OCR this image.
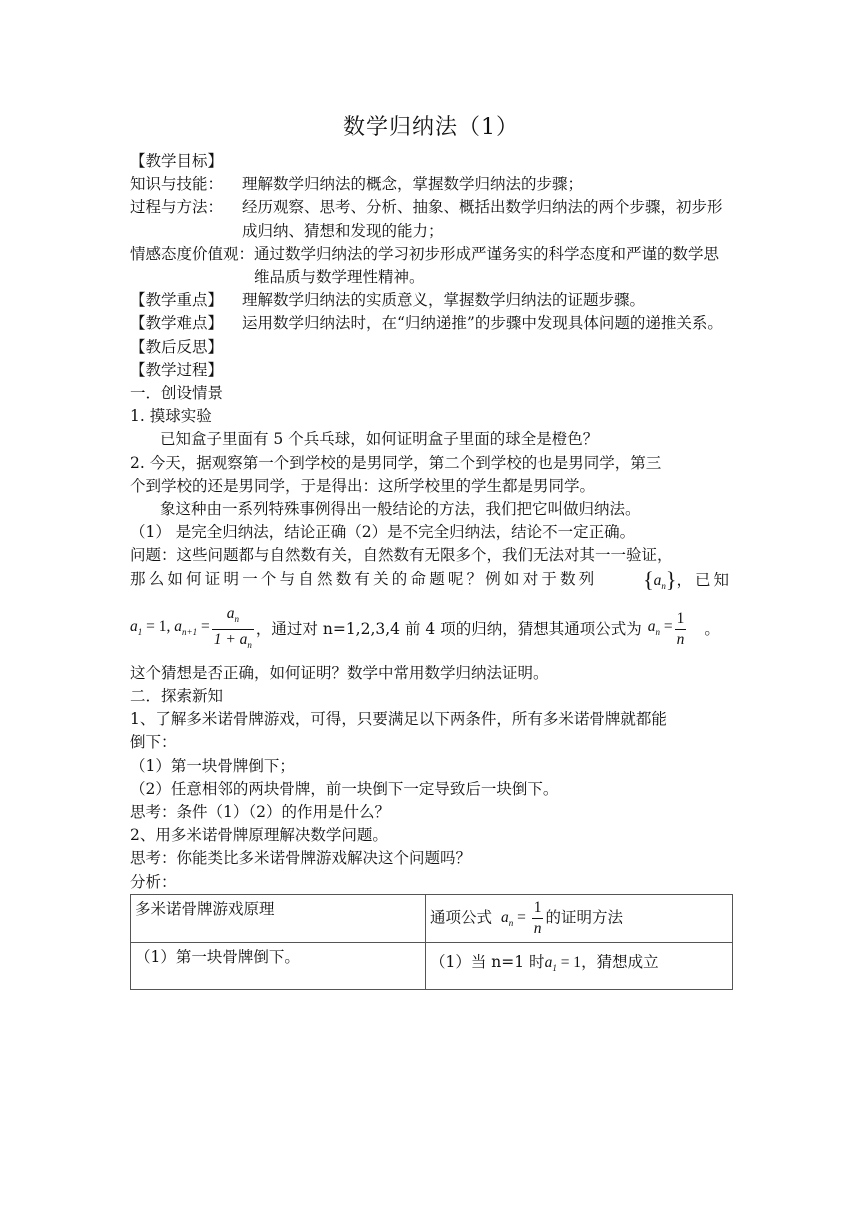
数学归纳法（1）
【教学目标】
知识与技能：	理解数学归纳法的概念，掌握数学归纳法的步骤；
过程与方法：	经历观察、思考、分析、抽象、概括出数学归纳法的两个步骤，初步形成归纳、猜想和发现的能力；
情感态度价值观： 通过数学归纳法的学习初步形成严谨务实的科学态度和严谨的数学思维品质与数学理性精神。
【教学重点】	理解数学归纳法的实质意义，掌握数学归纳法的证题步骤。
【教学难点】	运用数学归纳法时，在“归纳递推”的步骤中发现具体问题的递推关系。
【教后反思】
【教学过程】
一．创设情景
1. 摸球实验
已知盒子里面有 5 个兵乓球，如何证明盒子里面的球全是橙色？
2. 今天，据观察第一个到学校的是男同学，第二个到学校的也是男同学，第三
个到学校的还是男同学，于是得出：这所学校里的学生都是男同学。
象这种由一系列特殊事例得出一般结论的方法，我们把它叫做归纳法。
（1） 是完全归纳法，结论正确（2）是不完全归纳法，结论不一定正确。
问题：这些问题都与自然数有关，自然数有无限多个，我们无法对其一一验证，
那么如何证明一个与自然数有关的命题呢？例如对于数列 $\{a_n\}$，已知
$a_1 = 1$, $a_{n+1} = \frac{a_n}{1 + a_n}$ ，通过对 n=1,2,3,4 前 4 项的归纳，猜想其通项公式为 $a_n = \frac{1}{n}$ 。
这个猜想是否正确，如何证明？数学中常用数学归纳法证明。
二．探索新知
1、了解多米诺骨牌游戏，可得，只要满足以下两条件，所有多米诺骨牌就都能
倒下：
（1）第一块骨牌倒下；
（2）任意相邻的两块骨牌，前一块倒下一定导致后一块倒下。
思考：条件（1）（2）的作用是什么？
2、用多米诺骨牌原理解决数学问题。
思考：你能类比多米诺骨牌游戏解决这个问题吗？
分析：
多米诺骨牌游戏原理	通项公式 $a_n = \frac{1}{n}$ 的证明方法
（1）第一块骨牌倒下。	（1）当 n=1 时$a_1 = 1$，猜想成立
